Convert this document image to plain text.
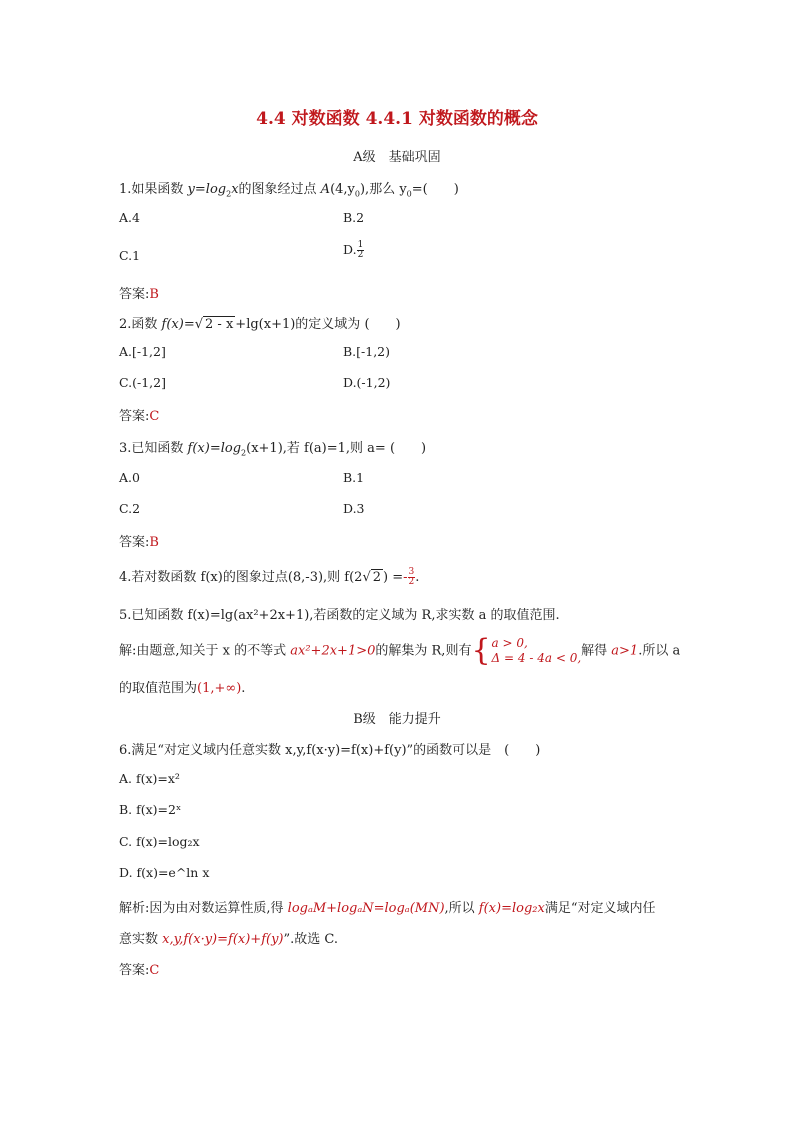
4.4 对数函数 4.4.1 对数函数的概念
A级　基础巩固
1.如果函数 $y=\log_2x$的图象经过点 $A(4,y_0)$,那么 $y_0=$(　　)
A.4	B.2
C.1	D. $\frac{1}{2}$
答案:B
2.函数 f(x)=√ 2 - x +lg(x+1)的定义域为 (　　)
A.[-1,2]	B.[-1,2)
C.(-1,2]	D.(-1,2)
答案:C
3.已知函数 $f(x)=\log_2(x+1)$,若 f(a)=1,则 a= (　　)
A.0	B.1
C.2	D.3
答案:B
4.若对数函数 f(x)的图象过点(8,-3),则 f(2√ 2 ) =- $\frac{3}{2}$ .
5.已知函数 f(x)=lg(ax²+2x+1),若函数的定义域为 R,求实数 a 的取值范围.
解:由题意,知关于 x 的不等式 ax²+2x+1>0的解集为 R,则有{ a > 0,
Δ = 4 - 4a < 0, 解得 a>1.所以 a
的取值范围为(1,+∞).
B级　能力提升
6.满足“对定义域内任意实数 x,y,f(x·y)=f(x)+f(y)”的函数可以是　(　　)
A. f(x)=x²
B. f(x)=2ˣ
C. f(x)=log₂x
D. f(x)=e^ln x
解析:因为由对数运算性质,得 logₐM+logₐN=logₐ(MN),所以 f(x)=log₂x满足“对定义域内任
意实数 x,y,f(x·y)=f(x)+f(y)”.故选 C.
答案:C
